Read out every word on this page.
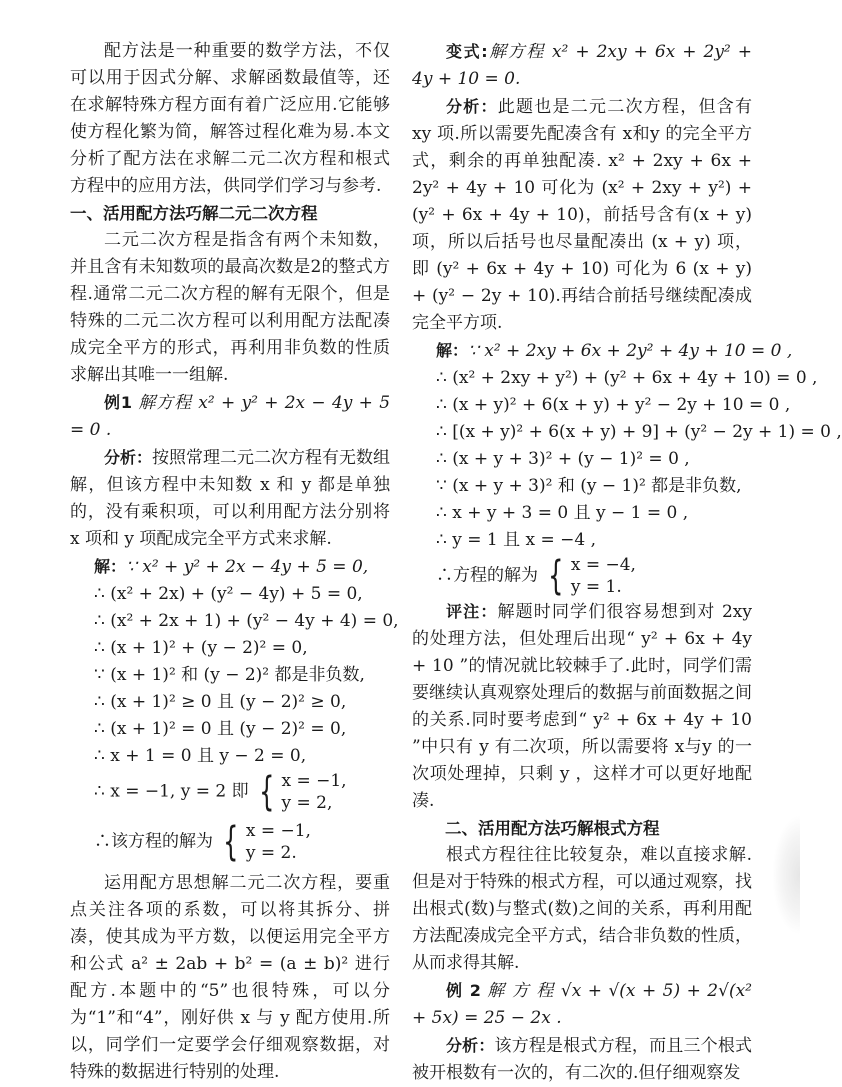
配方法是一种重要的数学方法，不仅可以用于因式分解、求解函数最值等，还在求解特殊方程方面有着广泛应用.它能够使方程化繁为简，解答过程化难为易.本文分析了配方法在求解二元二次方程和根式方程中的应用方法，供同学们学习与参考.

一、活用配方法巧解二元二次方程

二元二次方程是指含有两个未知数，并且含有未知数项的最高次数是2的整式方程.通常二元二次方程的解有无限个，但是特殊的二元二次方程可以利用配方法配凑成完全平方的形式，再利用非负数的性质求解出其唯一一组解.

例1 解方程 x² + y² + 2x − 4y + 5 = 0 .

分析：按照常理二元二次方程有无数组解，但该方程中未知数 x 和 y 都是单独的，没有乘积项，可以利用配方法分别将 x 项和 y 项配成完全平方式来求解.

解：∵ x² + y² + 2x − 4y + 5 = 0,
∴ (x² + 2x) + (y² − 4y) + 5 = 0,
∴ (x² + 2x + 1) + (y² − 4y + 4) = 0,
∴ (x + 1)² + (y − 2)² = 0,
∵ (x + 1)² 和 (y − 2)² 都是非负数,
∴ (x + 1)² ≥ 0 且 (y − 2)² ≥ 0,
∴ (x + 1)² = 0 且 (y − 2)² = 0,
∴ x + 1 = 0 且 y − 2 = 0,
∴ x = −1, y = 2 即 { x = −1,
y = 2,
∴该方程的解为 { x = −1,
y = 2.

运用配方思想解二元二次方程，要重点关注各项的系数，可以将其拆分、拼凑，使其成为平方数，以便运用完全平方和公式 a² ± 2ab + b² = (a ± b)² 进行配方.本题中的“5”也很特殊，可以分为“1”和“4”，刚好供 x 与 y 配方使用.所以，同学们一定要学会仔细观察数据，对特殊的数据进行特别的处理.

变式:解方程 x² + 2xy + 6x + 2y² + 4y + 10 = 0.

分析：此题也是二元二次方程，但含有 xy 项.所以需要先配凑含有 x和y 的完全平方式，剩余的再单独配凑. x² + 2xy + 6x + 2y² + 4y + 10 可化为 (x² + 2xy + y²) + (y² + 6x + 4y + 10)，前括号含有(x + y)项，所以后括号也尽量配凑出 (x + y) 项，即 (y² + 6x + 4y + 10) 可化为 6 (x + y) + (y² − 2y + 10).再结合前括号继续配凑成完全平方项.

解：∵ x² + 2xy + 6x + 2y² + 4y + 10 = 0 ,
∴ (x² + 2xy + y²) + (y² + 6x + 4y + 10) = 0 ,
∴ (x + y)² + 6(x + y) + y² − 2y + 10 = 0 ,
∴ [(x + y)² + 6(x + y) + 9] + (y² − 2y + 1) = 0 ,
∴ (x + y + 3)² + (y − 1)² = 0 ,
∵ (x + y + 3)² 和 (y − 1)² 都是非负数,
∴ x + y + 3 = 0 且 y − 1 = 0 ,
∴ y = 1 且 x = −4 ,
∴方程的解为 { x = −4,
y = 1.

评注：解题时同学们很容易想到对 2xy 的处理方法，但处理后出现“ y² + 6x + 4y + 10 ”的情况就比较棘手了.此时，同学们需要继续认真观察处理后的数据与前面数据之间的关系.同时要考虑到“ y² + 6x + 4y + 10 ”中只有 y 有二次项，所以需要将 x与y 的一次项处理掉，只剩 y ，这样才可以更好地配凑.

二、活用配方法巧解根式方程

根式方程往往比较复杂，难以直接求解.但是对于特殊的根式方程，可以通过观察，找出根式(数)与整式(数)之间的关系，再利用配方法配凑成完全平方式，结合非负数的性质，从而求得其解.

例 2 解 方 程 √x + √(x + 5) + 2√(x² + 5x) = 25 − 2x .

分析：该方程是根式方程，而且三个根式被开根数有一次的，有二次的.但仔细观察发
